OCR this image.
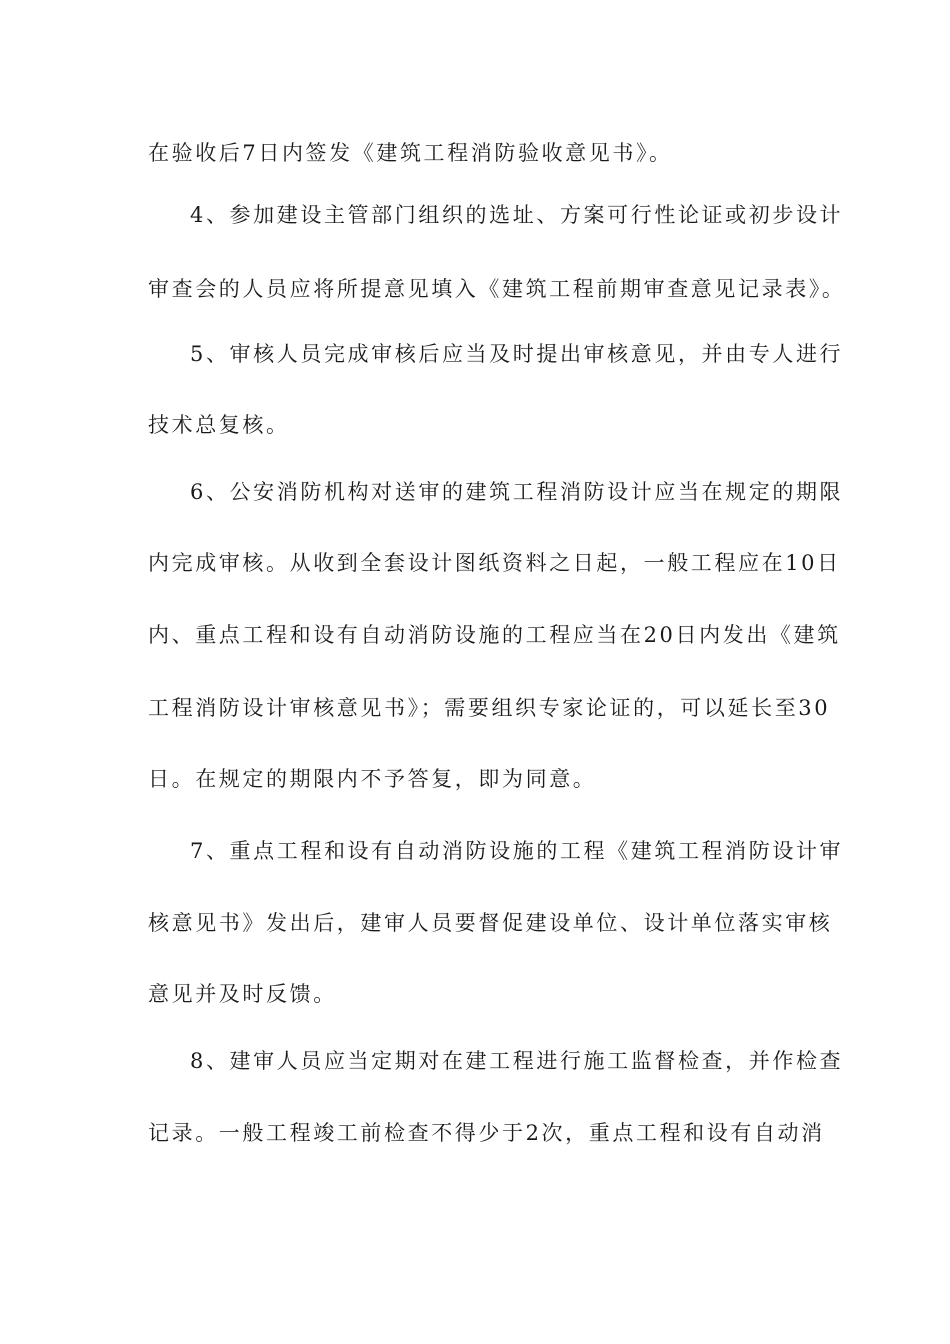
在验收后7日内签发《建筑工程消防验收意见书》。
4、参加建设主管部门组织的选址、方案可行性论证或初步设计
审查会的人员应将所提意见填入《建筑工程前期审查意见记录表》。
5、审核人员完成审核后应当及时提出审核意见，并由专人进行
技术总复核。
6、公安消防机构对送审的建筑工程消防设计应当在规定的期限
内完成审核。从收到全套设计图纸资料之日起，一般工程应在10日
内、重点工程和设有自动消防设施的工程应当在20日内发出《建筑
工程消防设计审核意见书》；需要组织专家论证的，可以延长至30
日。在规定的期限内不予答复，即为同意。
7、重点工程和设有自动消防设施的工程《建筑工程消防设计审
核意见书》发出后，建审人员要督促建设单位、设计单位落实审核
意见并及时反馈。
8、建审人员应当定期对在建工程进行施工监督检查，并作检查
记录。一般工程竣工前检查不得少于2次，重点工程和设有自动消
